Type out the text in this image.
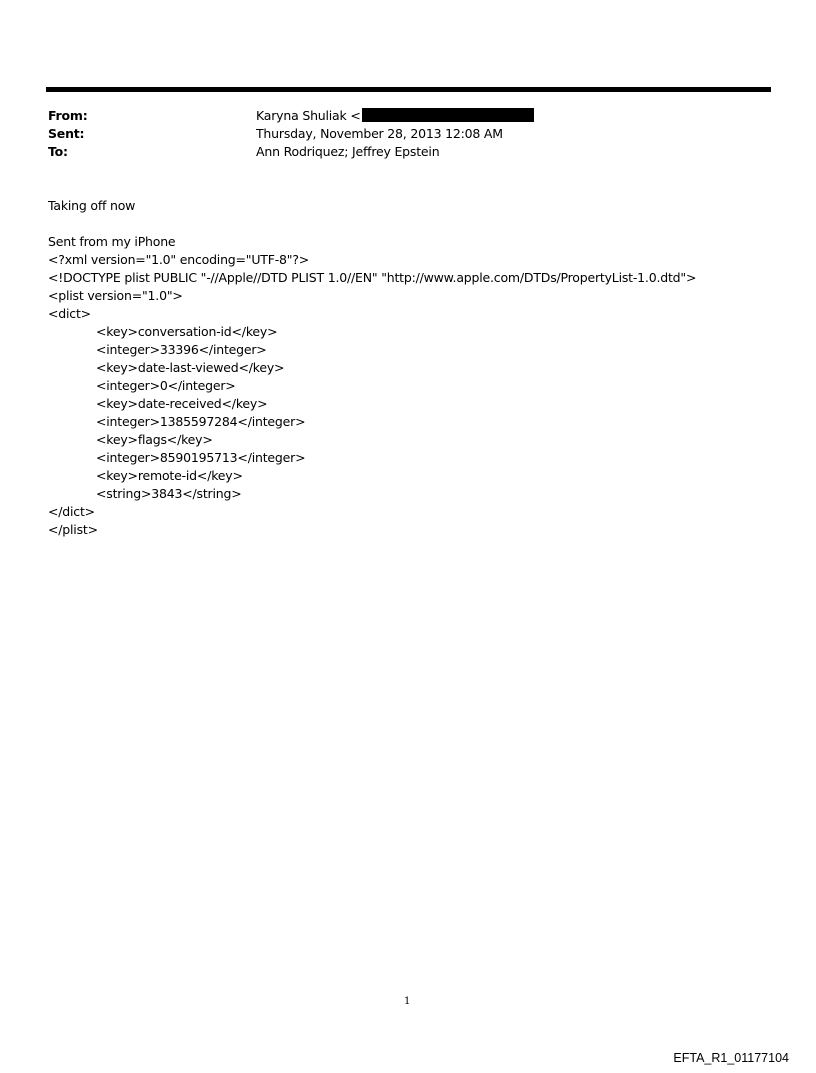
From:	Karyna Shuliak <
Sent:	Thursday, November 28, 2013 12:08 AM
To:	Ann Rodriquez; Jeffrey Epstein
Taking off now
Sent from my iPhone
<?xml version="1.0" encoding="UTF-8"?>
<!DOCTYPE plist PUBLIC "-//Apple//DTD PLIST 1.0//EN" "http://www.apple.com/DTDs/PropertyList-1.0.dtd">
<plist version="1.0">
<dict>
<key>conversation-id</key>
<integer>33396</integer>
<key>date-last-viewed</key>
<integer>0</integer>
<key>date-received</key>
<integer>1385597284</integer>
<key>flags</key>
<integer>8590195713</integer>
<key>remote-id</key>
<string>3843</string>
</dict>
</plist>
1
EFTA_R1_01177104
